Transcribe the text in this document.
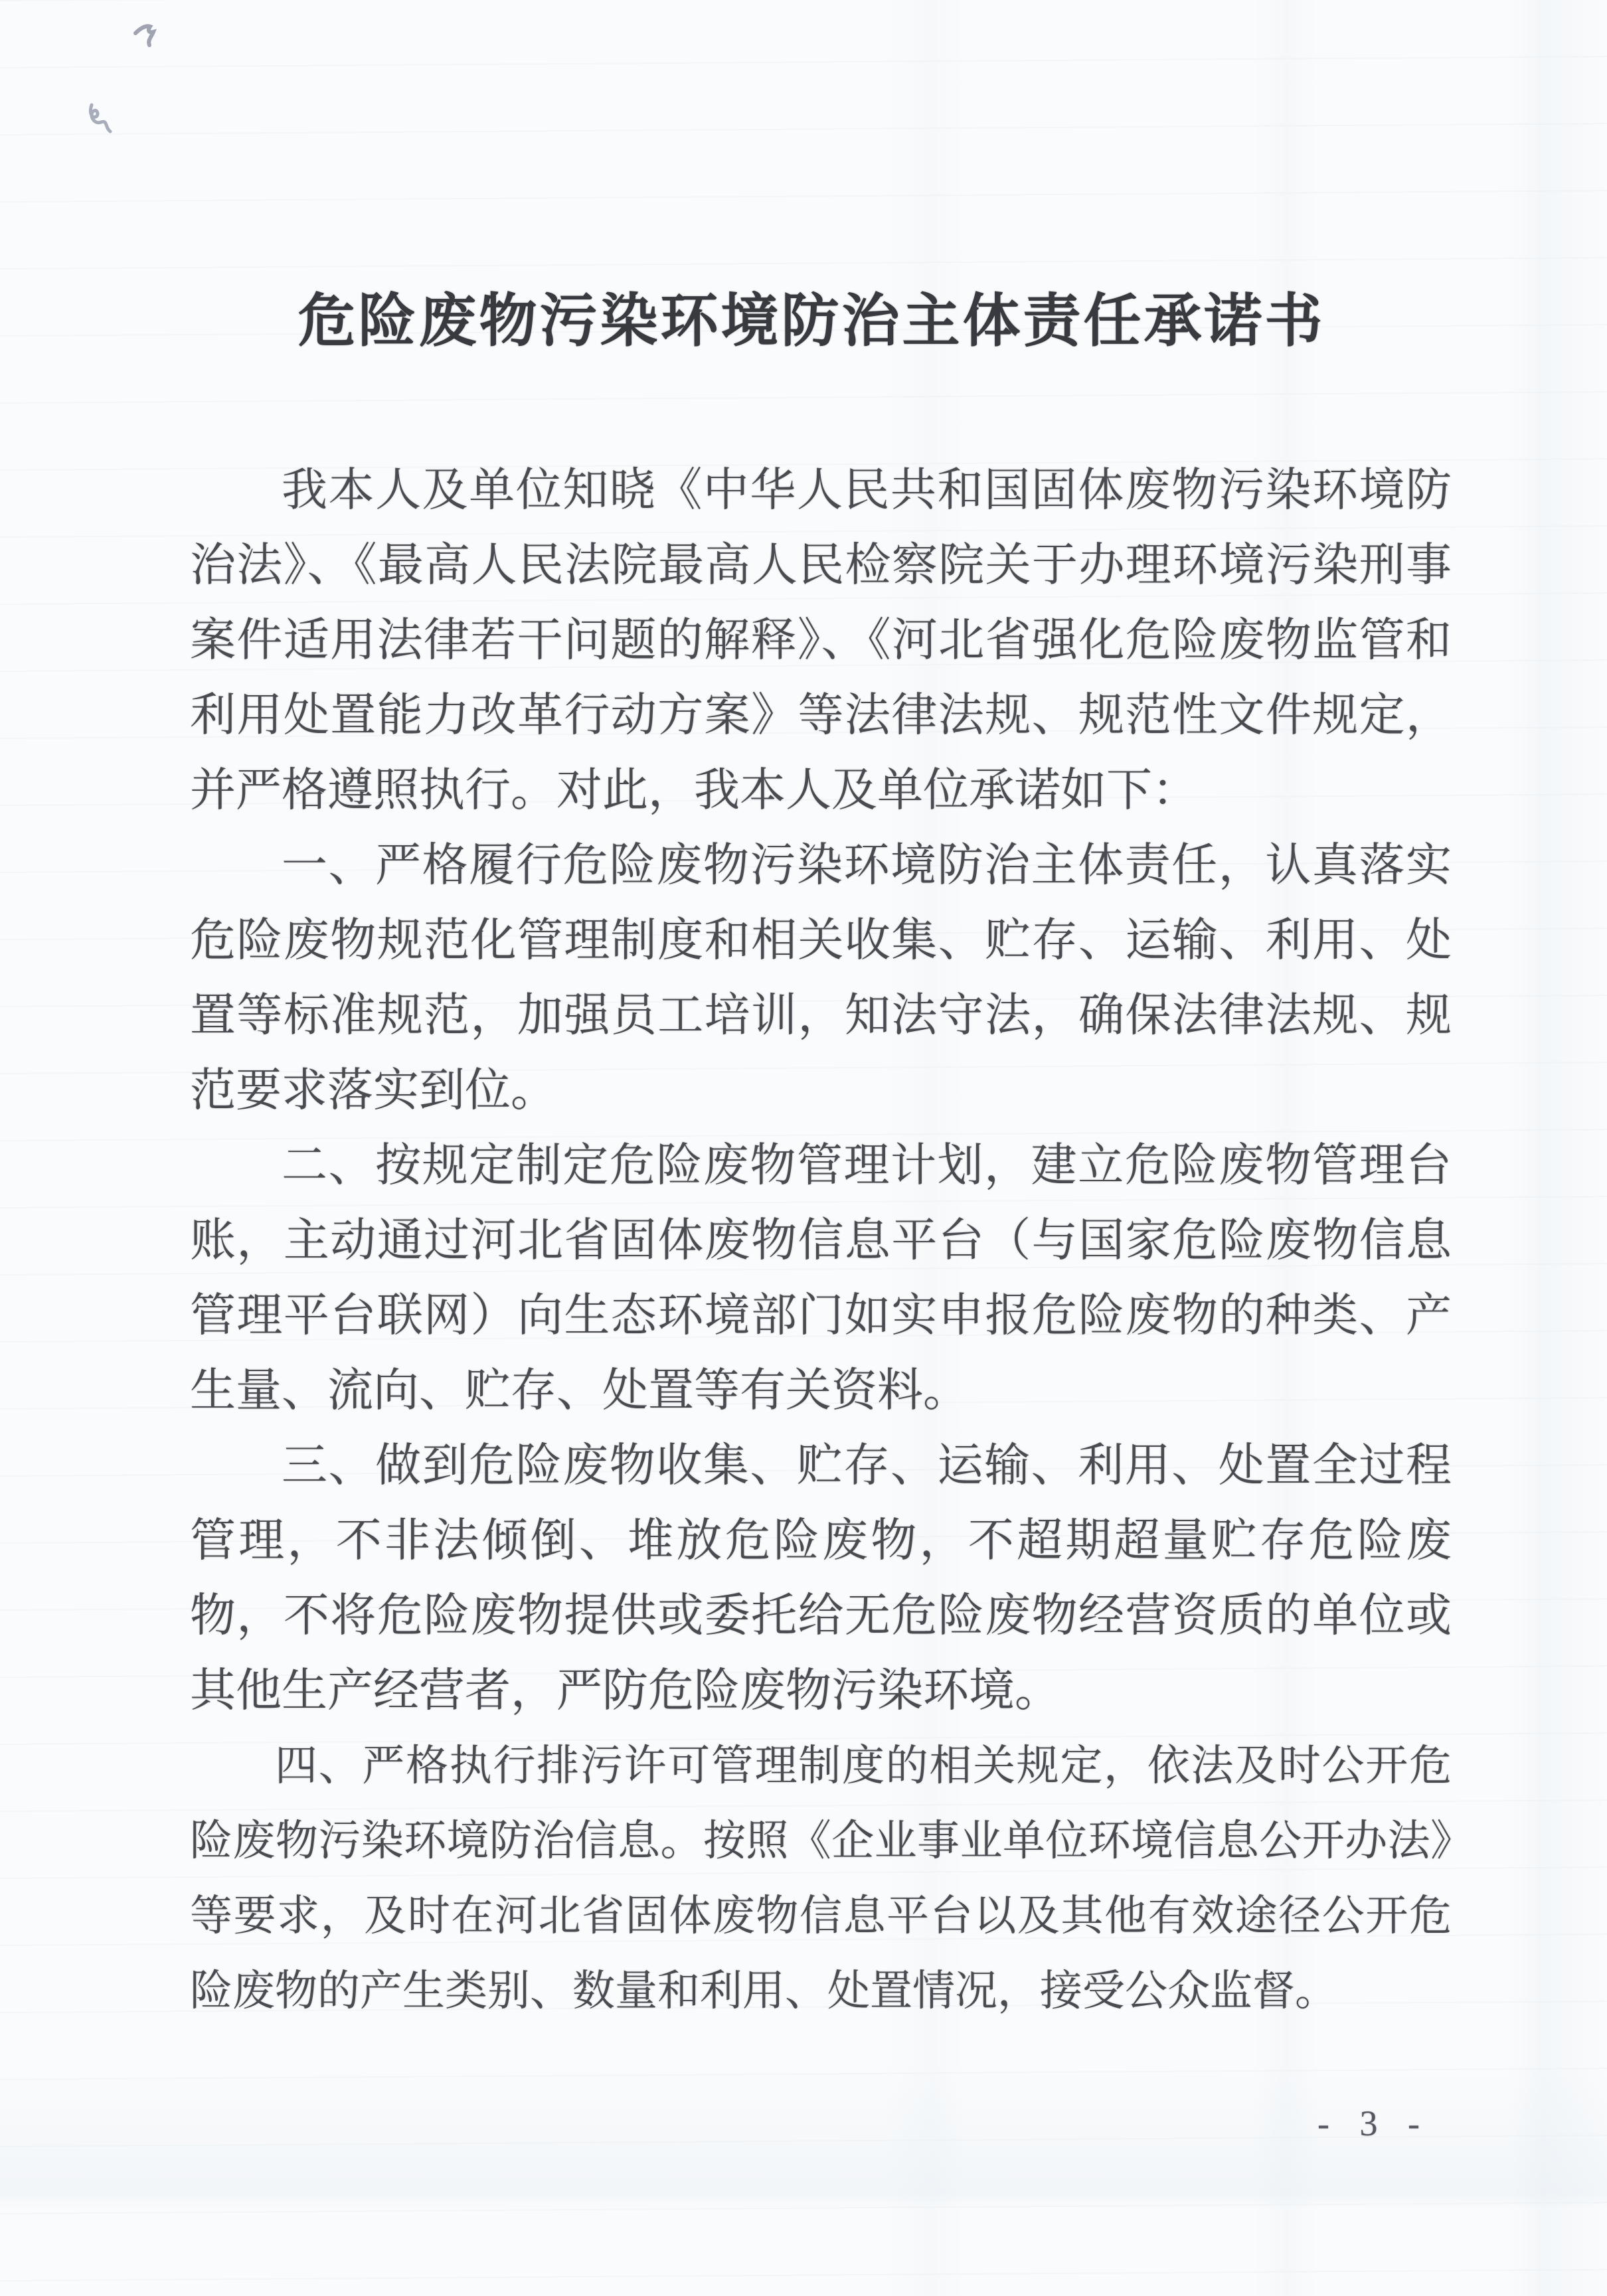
危险废物污染环境防治主体责任承诺书

我本人及单位知晓《中华人民共和国固体废物污染环境防治法》、《最高人民法院最高人民检察院关于办理环境污染刑事案件适用法律若干问题的解释》、《河北省强化危险废物监管和利用处置能力改革行动方案》等法律法规、规范性文件规定，并严格遵照执行。对此，我本人及单位承诺如下：

一、严格履行危险废物污染环境防治主体责任，认真落实危险废物规范化管理制度和相关收集、贮存、运输、利用、处置等标准规范，加强员工培训，知法守法，确保法律法规、规范要求落实到位。

二、按规定制定危险废物管理计划，建立危险废物管理台账，主动通过河北省固体废物信息平台（与国家危险废物信息管理平台联网）向生态环境部门如实申报危险废物的种类、产生量、流向、贮存、处置等有关资料。

三、做到危险废物收集、贮存、运输、利用、处置全过程管理，不非法倾倒、堆放危险废物，不超期超量贮存危险废物，不将危险废物提供或委托给无危险废物经营资质的单位或其他生产经营者，严防危险废物污染环境。

四、严格执行排污许可管理制度的相关规定，依法及时公开危险废物污染环境防治信息。按照《企业事业单位环境信息公开办法》等要求，及时在河北省固体废物信息平台以及其他有效途径公开危险废物的产生类别、数量和利用、处置情况，接受公众监督。

- 3 -
